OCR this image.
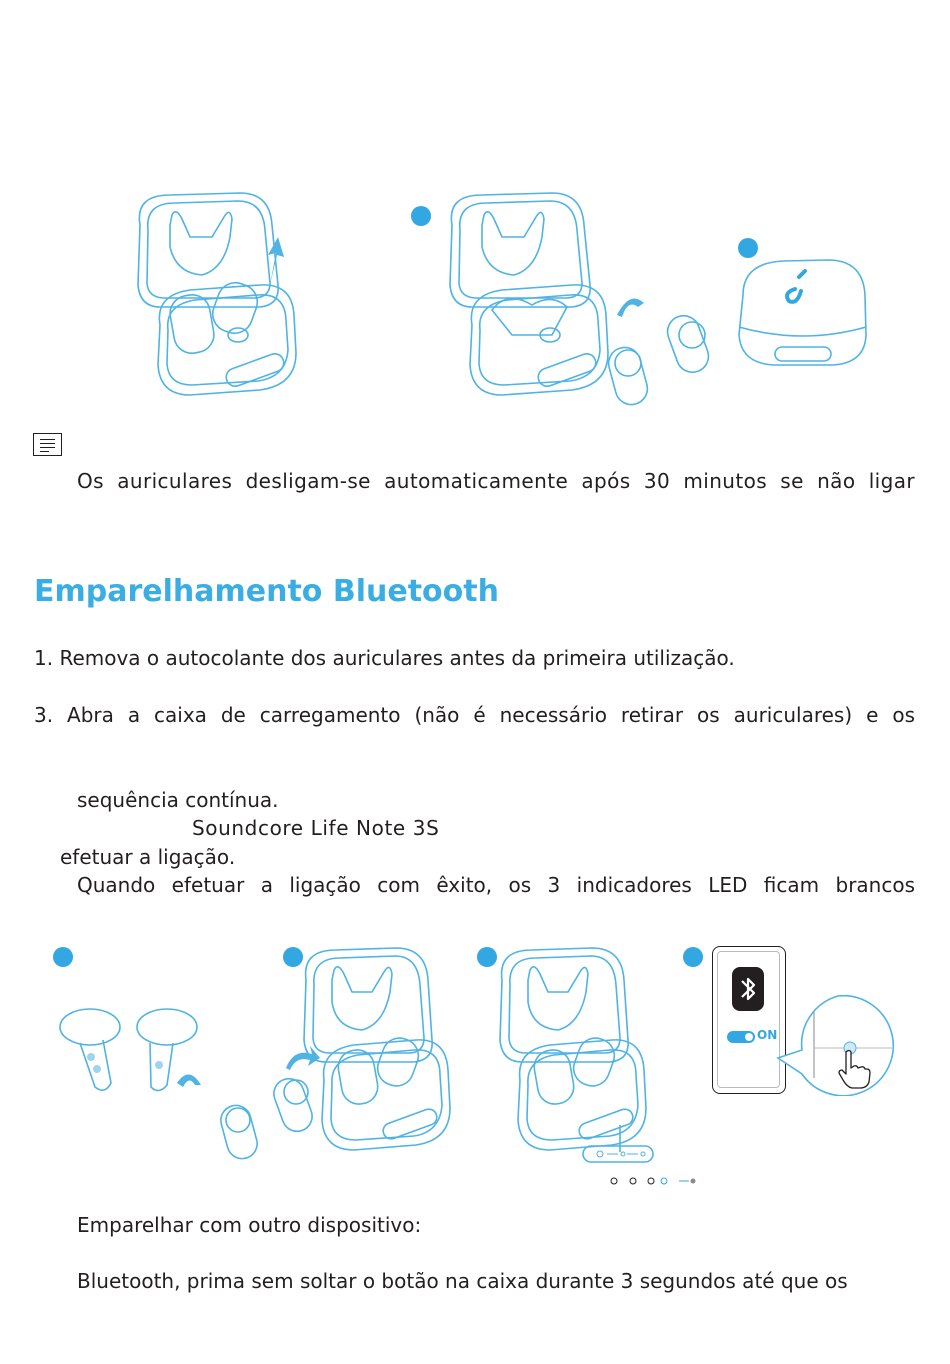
Os auriculares desligam-se automaticamente após 30 minutos se não ligar
Emparelhamento Bluetooth
1. Remova o autocolante dos auriculares antes da primeira utilização.
3. Abra a caixa de carregamento (não é necessário retirar os auriculares) e os
sequência contínua.
Soundcore Life Note 3S
efetuar a ligação.
Quando efetuar a ligação com êxito, os 3 indicadores LED ficam brancos
ON
Emparelhar com outro dispositivo:
Bluetooth, prima sem soltar o botão na caixa durante 3 segundos até que os
